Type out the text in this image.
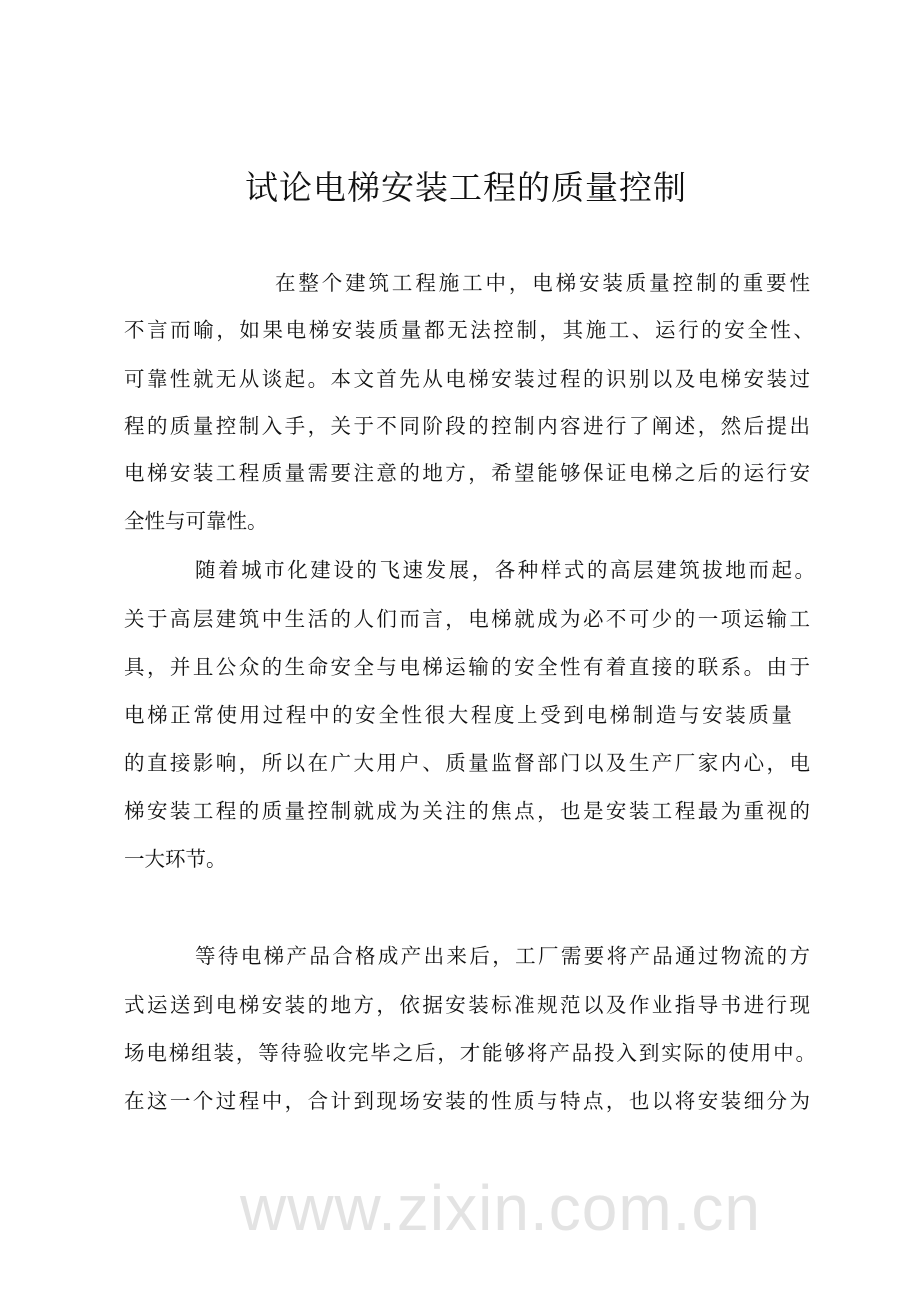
试论电梯安装工程的质量控制
在整个建筑工程施工中，电梯安装质量控制的重要性
不言而喻，如果电梯安装质量都无法控制，其施工、运行的安全性、
可靠性就无从谈起。本文首先从电梯安装过程的识别以及电梯安装过
程的质量控制入手，关于不同阶段的控制内容进行了阐述，然后提出
电梯安装工程质量需要注意的地方，希望能够保证电梯之后的运行安
全性与可靠性。
随着城市化建设的飞速发展，各种样式的高层建筑拔地而起。
关于高层建筑中生活的人们而言，电梯就成为必不可少的一项运输工
具，并且公众的生命安全与电梯运输的安全性有着直接的联系。由于
电梯正常使用过程中的安全性很大程度上受到电梯制造与安装质量
的直接影响，所以在广大用户、质量监督部门以及生产厂家内心，电
梯安装工程的质量控制就成为关注的焦点，也是安装工程最为重视的
一大环节。
等待电梯产品合格成产出来后，工厂需要将产品通过物流的方
式运送到电梯安装的地方，依据安装标准规范以及作业指导书进行现
场电梯组装，等待验收完毕之后，才能够将产品投入到实际的使用中。
在这一个过程中，合计到现场安装的性质与特点，也以将安装细分为
www.zixin.com.cn
